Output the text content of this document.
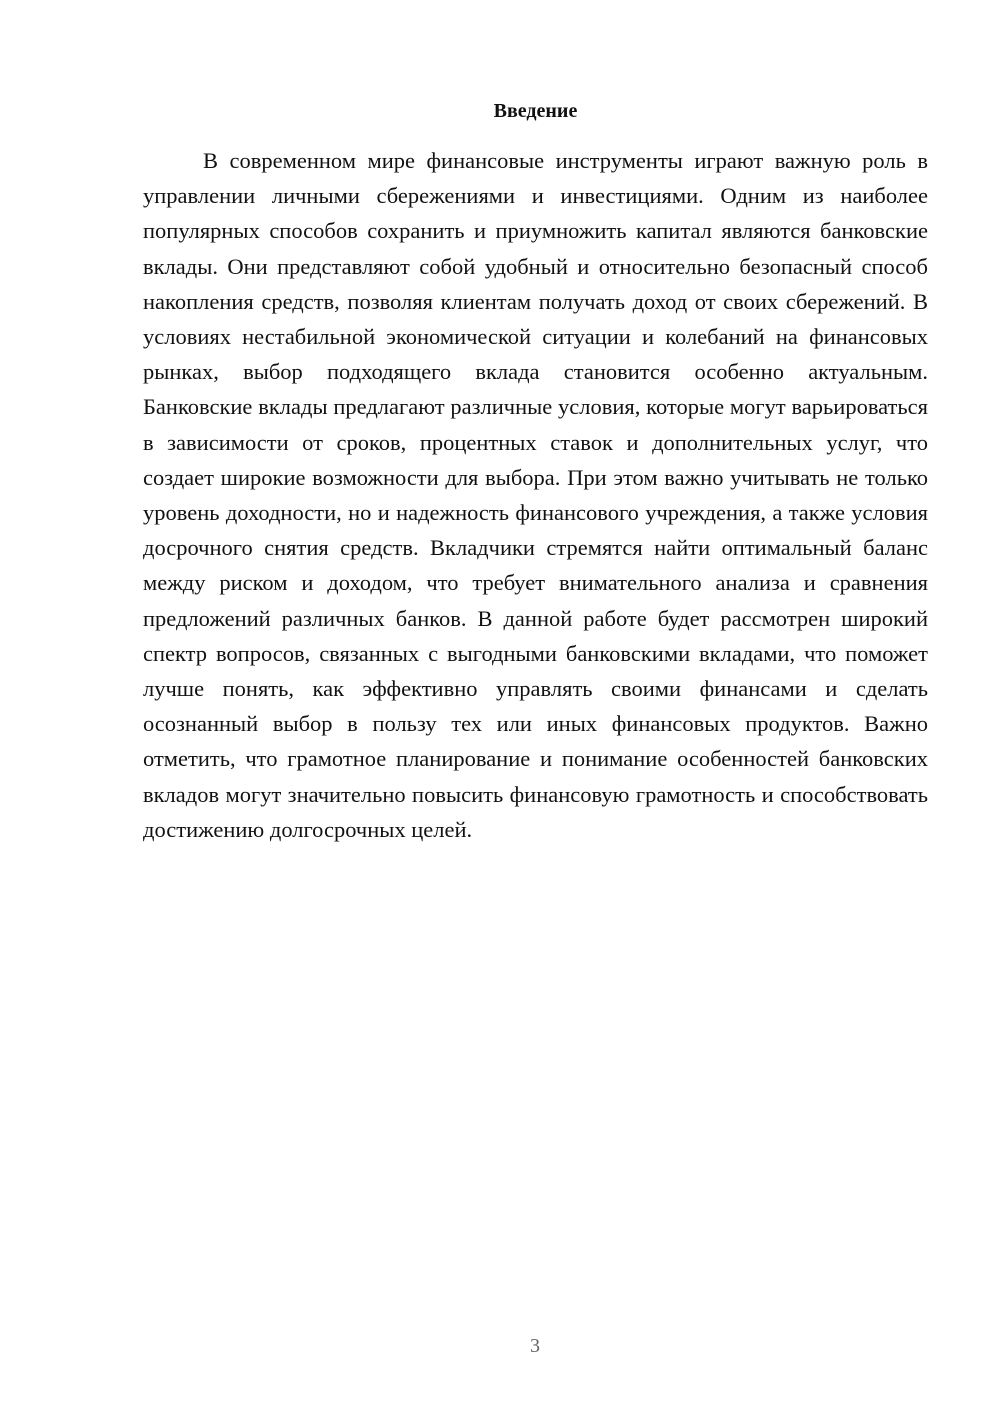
Введение

В современном мире финансовые инструменты играют важную роль в управлении личными сбережениями и инвестициями. Одним из наиболее популярных способов сохранить и приумножить капитал являются банковские вклады. Они представляют собой удобный и относительно безопасный способ накопления средств, позволяя клиентам получать доход от своих сбережений. В условиях нестабильной экономической ситуации и колебаний на финансовых рынках, выбор подходящего вклада становится особенно актуальным. Банковские вклады предлагают различные условия, которые могут варьироваться в зависимости от сроков, процентных ставок и дополнительных услуг, что создает широкие возможности для выбора. При этом важно учитывать не только уровень доходности, но и надежность финансового учреждения, а также условия досрочного снятия средств. Вкладчики стремятся найти оптимальный баланс между риском и доходом, что требует внимательного анализа и сравнения предложений различных банков. В данной работе будет рассмотрен широкий спектр вопросов, связанных с выгодными банковскими вкладами, что поможет лучше понять, как эффективно управлять своими финансами и сделать осознанный выбор в пользу тех или иных финансовых продуктов. Важно отметить, что грамотное планирование и понимание особенностей банковских вкладов могут значительно повысить финансовую грамотность и способствовать достижению долгосрочных целей.

3
